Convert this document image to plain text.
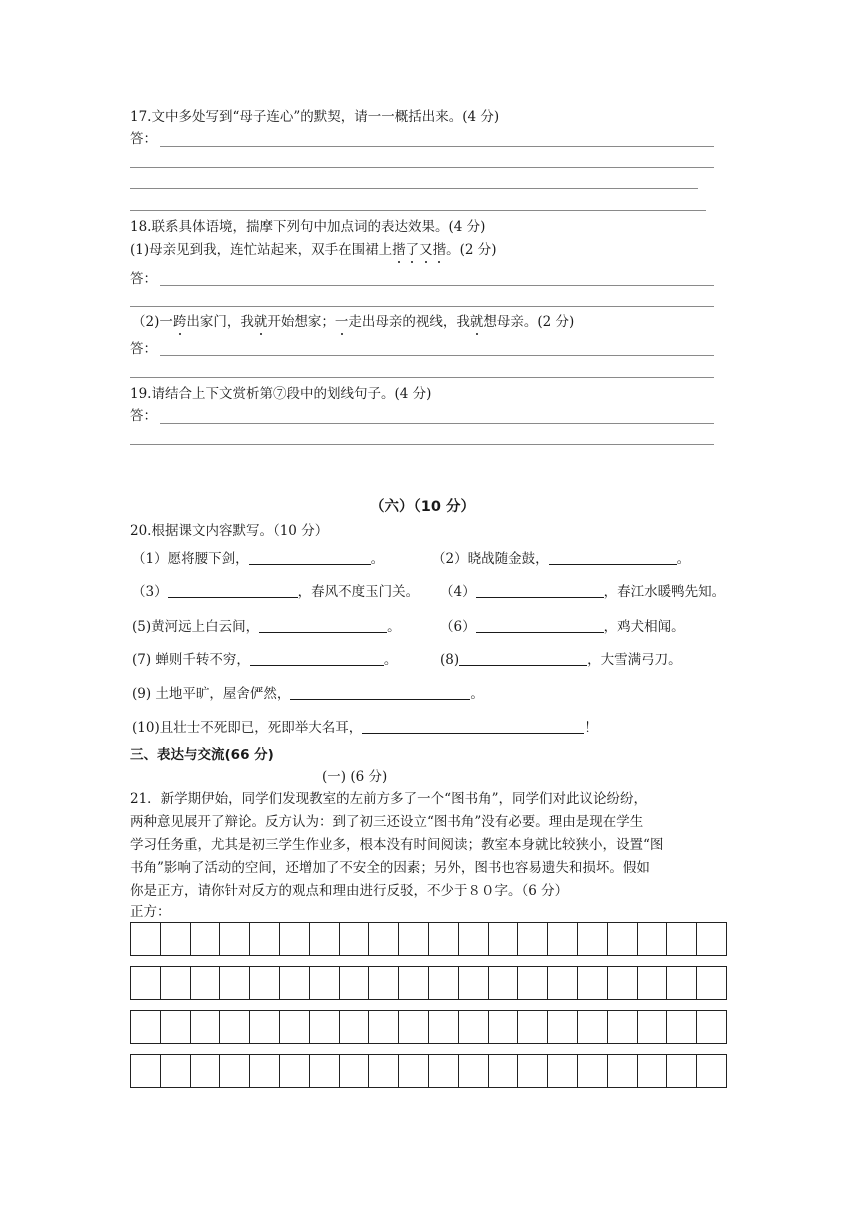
17.文中多处写到“母子连心”的默契，请一一概括出来。(4 分)
答：
18.联系具体语境，揣摩下列句中加点词的表达效果。(4 分)
(1)母亲见到我，连忙站起来，双手在围裙上揩了又揩。(2 分)
答：
（2)一跨出家门，我就开始想家；一走出母亲的视线，我就想母亲。(2 分)
答：
19.请结合上下文赏析第⑦段中的划线句子。(4 分)
答：
（六）（10 分）
20.根据课文内容默写。（10 分）
（1）愿将腰下剑，	。	（2）晓战随金鼓，	。
（3）	，春风不度玉门关。 （4）	，春江水暖鸭先知。
(5)黄河远上白云间，	。	（6）	，鸡犬相闻。
(7) 蝉则千转不穷，	。	(8)	，大雪满弓刀。
(9) 土地平旷，屋舍俨然，	。
(10)且壮士不死即已，死即举大名耳，	！
三、表达与交流(66 分)
(一) (6 分)
21．新学期伊始，同学们发现教室的左前方多了一个“图书角”，同学们对此议论纷纷，
两种意见展开了辩论。反方认为：到了初三还设立“图书角”没有必要。理由是现在学生
学习任务重，尤其是初三学生作业多，根本没有时间阅读；教室本身就比较狭小，设置“图
书角”影响了活动的空间，还增加了不安全的因素；另外，图书也容易遗失和损坏。假如
你是正方，请你针对反方的观点和理由进行反驳，不少于８０字。（6 分）
正方：
